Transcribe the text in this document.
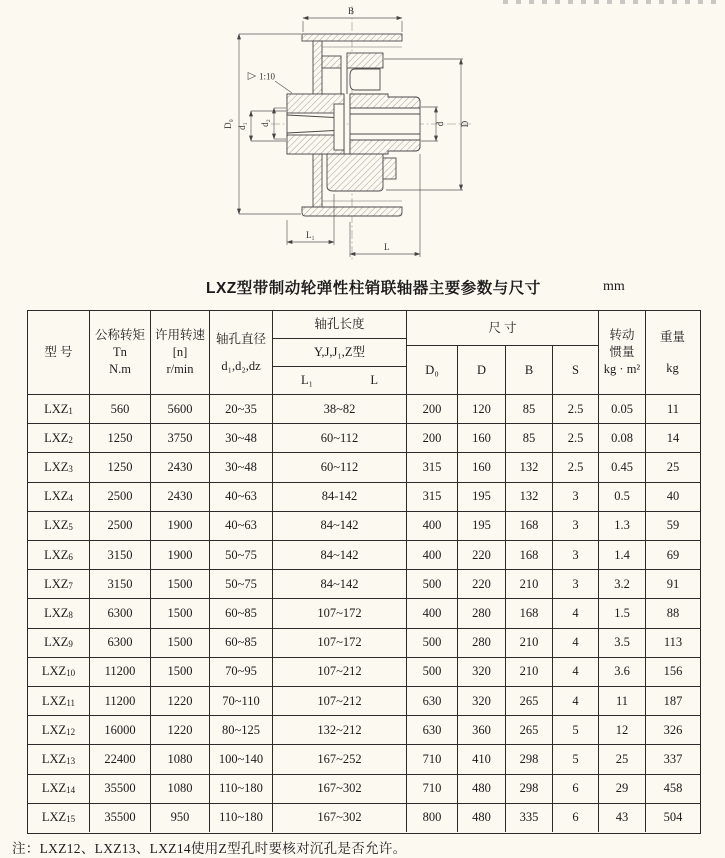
B
D₀ d₁ d₂
1:10
d D
L₁
L
LXZ型带制动轮弹性柱销联轴器主要参数与尺寸	mm
型 号
公称转矩Tn
N.m
许用转速
[n]
r/min
轴孔直径
d₁,d₂,dz
轴孔长度
Y,J,J₁,Z型
L₁	L
尺 寸
D₀	D	B	S
转动
惯量
kg · m²
重量
kg
LXZ 1	560	5600	20~35	38~82	200	120	85	2.5	0.05	11
LXZ 2	1250	3750	30~48	60~112	200	160	85	2.5	0.08	14
LXZ 3	1250	2430	30~48	60~112	315	160	132	2.5	0.45	25
LXZ 4	2500	2430	40~63	84-142	315	195	132	3	0.5	40
LXZ 5	2500	1900	40~63	84~142	400	195	168	3	1.3	59
LXZ 6	3150	1900	50~75	84~142	400	220	168	3	1.4	69
LXZ 7	3150	1500	50~75	84~142	500	220	210	3	3.2	91
LXZ 8	6300	1500	60~85	107~172	400	280	168	4	1.5	88
LXZ 9	6300	1500	60~85	107~172	500	280	210	4	3.5	113
LXZ 10	11200	1500	70~95	107~212	500	320	210	4	3.6	156
LXZ 11	11200	1220	70~110	107~212	630	320	265	4	11	187
LXZ 12	16000	1220	80~125	132~212	630	360	265	5	12	326
LXZ 13	22400	1080	100~140	167~252	710	410	298	5	25	337
LXZ 14	35500	1080	110~180	167~302	710	480	298	6	29	458
LXZ 15	35500	950	110~180	167~302	800	480	335	6	43	504
注：LXZ12、LXZ13、LXZ14使用Z型孔时要核对沉孔是否允许。
